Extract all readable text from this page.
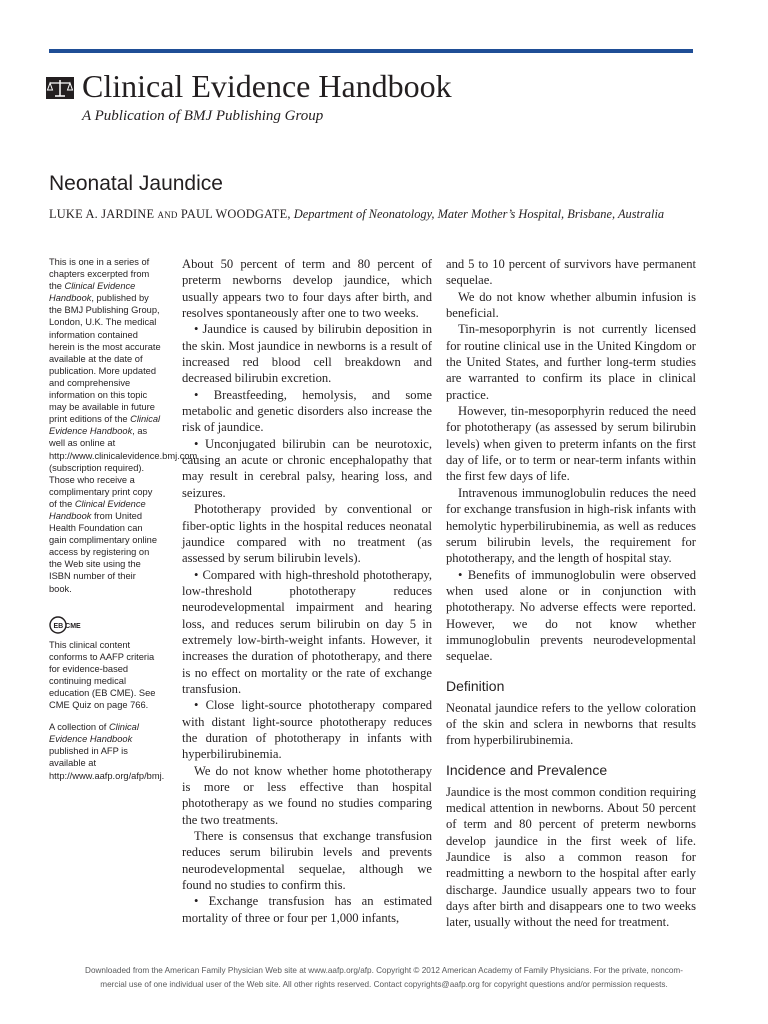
Clinical Evidence Handbook
A Publication of BMJ Publishing Group
Neonatal Jaundice
LUKE A. JARDINE and PAUL WOODGATE, Department of Neonatology, Mater Mother’s Hospital, Brisbane, Australia

This is one in a series of chapters excerpted from the Clinical Evidence Handbook, published by the BMJ Publishing Group, London, U.K. The medical information contained herein is the most accurate available at the date of publication. More updated and comprehensive information on this topic may be available in future print editions of the Clinical Evidence Handbook, as well as online at http://www.clinicalevidence.bmj.com (subscription required). Those who receive a complimentary print copy of the Clinical Evidence Handbook from United Health Foundation can gain complimentary online access by registering on the Web site using the ISBN number of their book.

EB CME

This clinical content conforms to AAFP criteria for evidence-based continuing medical education (EB CME). See CME Quiz on page 766.

A collection of Clinical Evidence Handbook published in AFP is available at http://www.aafp.org/afp/bmj.

About 50 percent of term and 80 percent of preterm newborns develop jaundice, which usually appears two to four days after birth, and resolves spontaneously after one to two weeks.

• Jaundice is caused by bilirubin deposition in the skin. Most jaundice in newborns is a result of increased red blood cell breakdown and decreased bilirubin excretion.

• Breastfeeding, hemolysis, and some metabolic and genetic disorders also increase the risk of jaundice.

• Unconjugated bilirubin can be neurotoxic, causing an acute or chronic encephalopathy that may result in cerebral palsy, hearing loss, and seizures.

Phototherapy provided by conventional or fiber-optic lights in the hospital reduces neonatal jaundice compared with no treatment (as assessed by serum bilirubin levels).

• Compared with high-threshold phototherapy, low-threshold phototherapy reduces neurodevelopmental impairment and hearing loss, and reduces serum bilirubin on day 5 in extremely low-birth-weight infants. However, it increases the duration of phototherapy, and there is no effect on mortality or the rate of exchange transfusion.

• Close light-source phototherapy compared with distant light-source phototherapy reduces the duration of phototherapy in infants with hyperbilirubinemia.

We do not know whether home phototherapy is more or less effective than hospital phototherapy as we found no studies comparing the two treatments.

There is consensus that exchange transfusion reduces serum bilirubin levels and prevents neurodevelopmental sequelae, although we found no studies to confirm this.

• Exchange transfusion has an estimated mortality of three or four per 1,000 infants,

and 5 to 10 percent of survivors have permanent sequelae.

We do not know whether albumin infusion is beneficial.

Tin-mesoporphyrin is not currently licensed for routine clinical use in the United Kingdom or the United States, and further long-term studies are warranted to confirm its place in clinical practice.

However, tin-mesoporphyrin reduced the need for phototherapy (as assessed by serum bilirubin levels) when given to preterm infants on the first day of life, or to term or near-term infants within the first few days of life.

Intravenous immunoglobulin reduces the need for exchange transfusion in high-risk infants with hemolytic hyperbilirubinemia, as well as reduces serum bilirubin levels, the requirement for phototherapy, and the length of hospital stay.

• Benefits of immunoglobulin were observed when used alone or in conjunction with phototherapy. No adverse effects were reported. However, we do not know whether immunoglobulin prevents neurodevelopmental sequelae.

Definition

Neonatal jaundice refers to the yellow coloration of the skin and sclera in newborns that results from hyperbilirubinemia.

Incidence and Prevalence

Jaundice is the most common condition requiring medical attention in newborns. About 50 percent of term and 80 percent of preterm newborns develop jaundice in the first week of life. Jaundice is also a common reason for readmitting a newborn to the hospital after early discharge. Jaundice usually appears two to four days after birth and disappears one to two weeks later, usually without the need for treatment.

Downloaded from the American Family Physician Web site at www.aafp.org/afp. Copyright © 2012 American Academy of Family Physicians. For the private, noncom-
mercial use of one individual user of the Web site. All other rights reserved. Contact copyrights@aafp.org for copyright questions and/or permission requests.
